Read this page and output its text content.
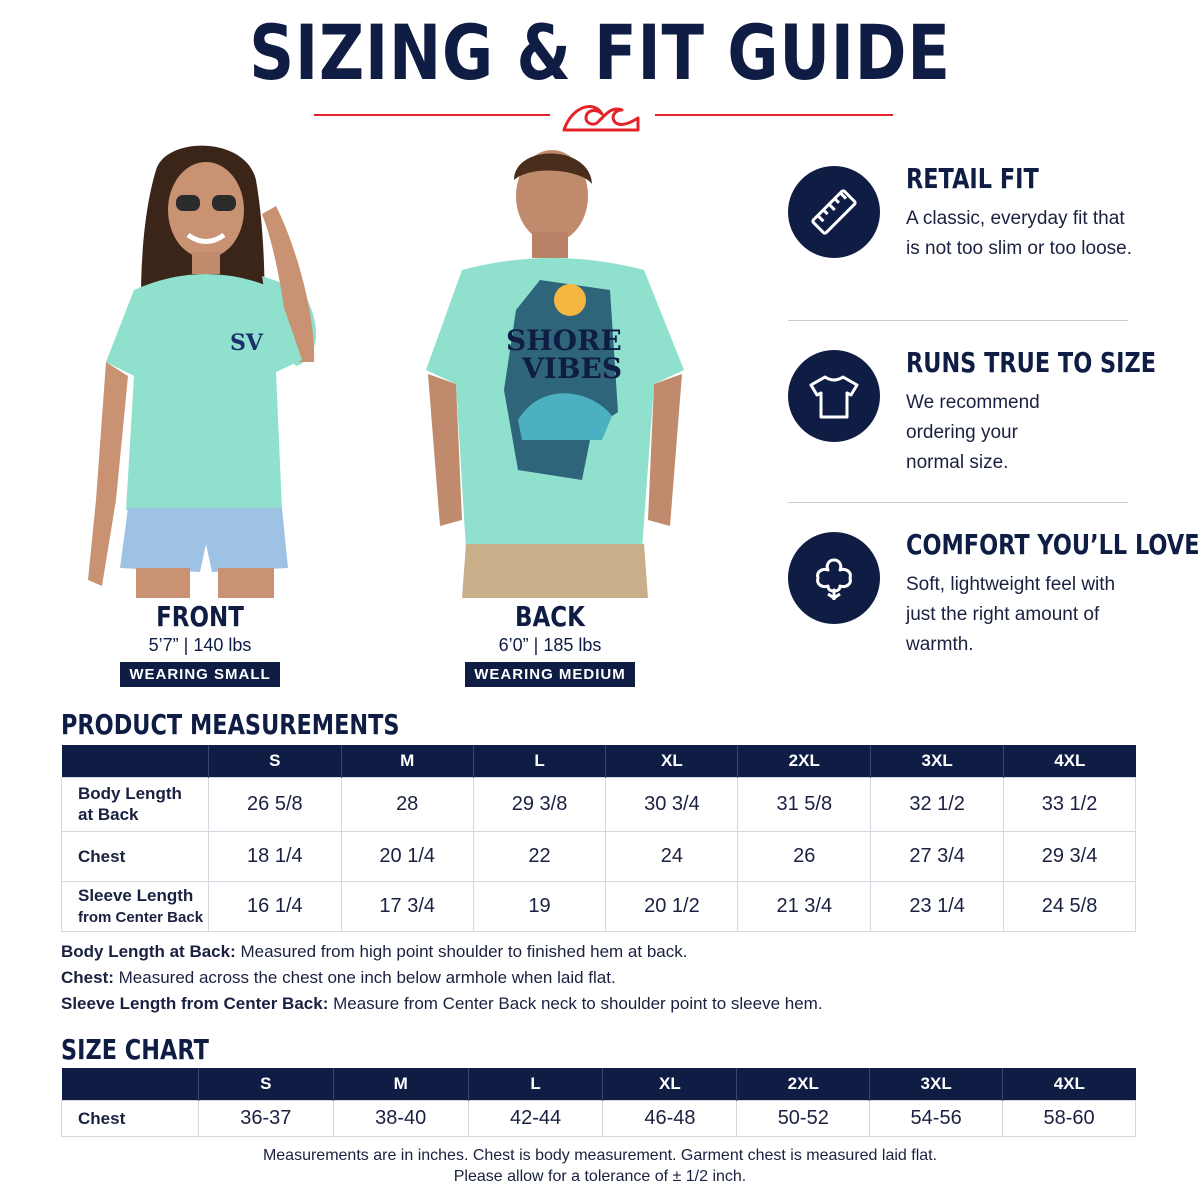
SIZING & FIT GUIDE
SV
FRONT
5’7” | 140 lbs
WEARING SMALL
SHORE
VIBES
BACK
6’0” | 185 lbs
WEARING MEDIUM
RETAIL FIT
A classic, everyday fit that is not too slim or too loose.
RUNS TRUE TO SIZE
We recommend ordering your normal size.
COMFORT YOU’LL LOVE
Soft, lightweight feel with just the right amount of warmth.
PRODUCT MEASUREMENTS
	S	M	L	XL	2XL	3XL	4XL
Body Length
at Back	26 5/8	28	29 3/8	30 3/4	31 5/8	32 1/2	33 1/2
Chest	18 1/4	20 1/4	22	24	26	27 3/4	29 3/4
Sleeve Length
from Center Back	16 1/4	17 3/4	19	20 1/2	21 3/4	23 1/4	24 5/8
Body Length at Back: Measured from high point shoulder to finished hem at back.
Chest: Measured across the chest one inch below armhole when laid flat.
Sleeve Length from Center Back: Measure from Center Back neck to shoulder point to sleeve hem.
SIZE CHART
	S	M	L	XL	2XL	3XL	4XL
Chest	36-37	38-40	42-44	46-48	50-52	54-56	58-60
Measurements are in inches. Chest is body measurement. Garment chest is measured laid flat.
Please allow for a tolerance of ± 1/2 inch.
